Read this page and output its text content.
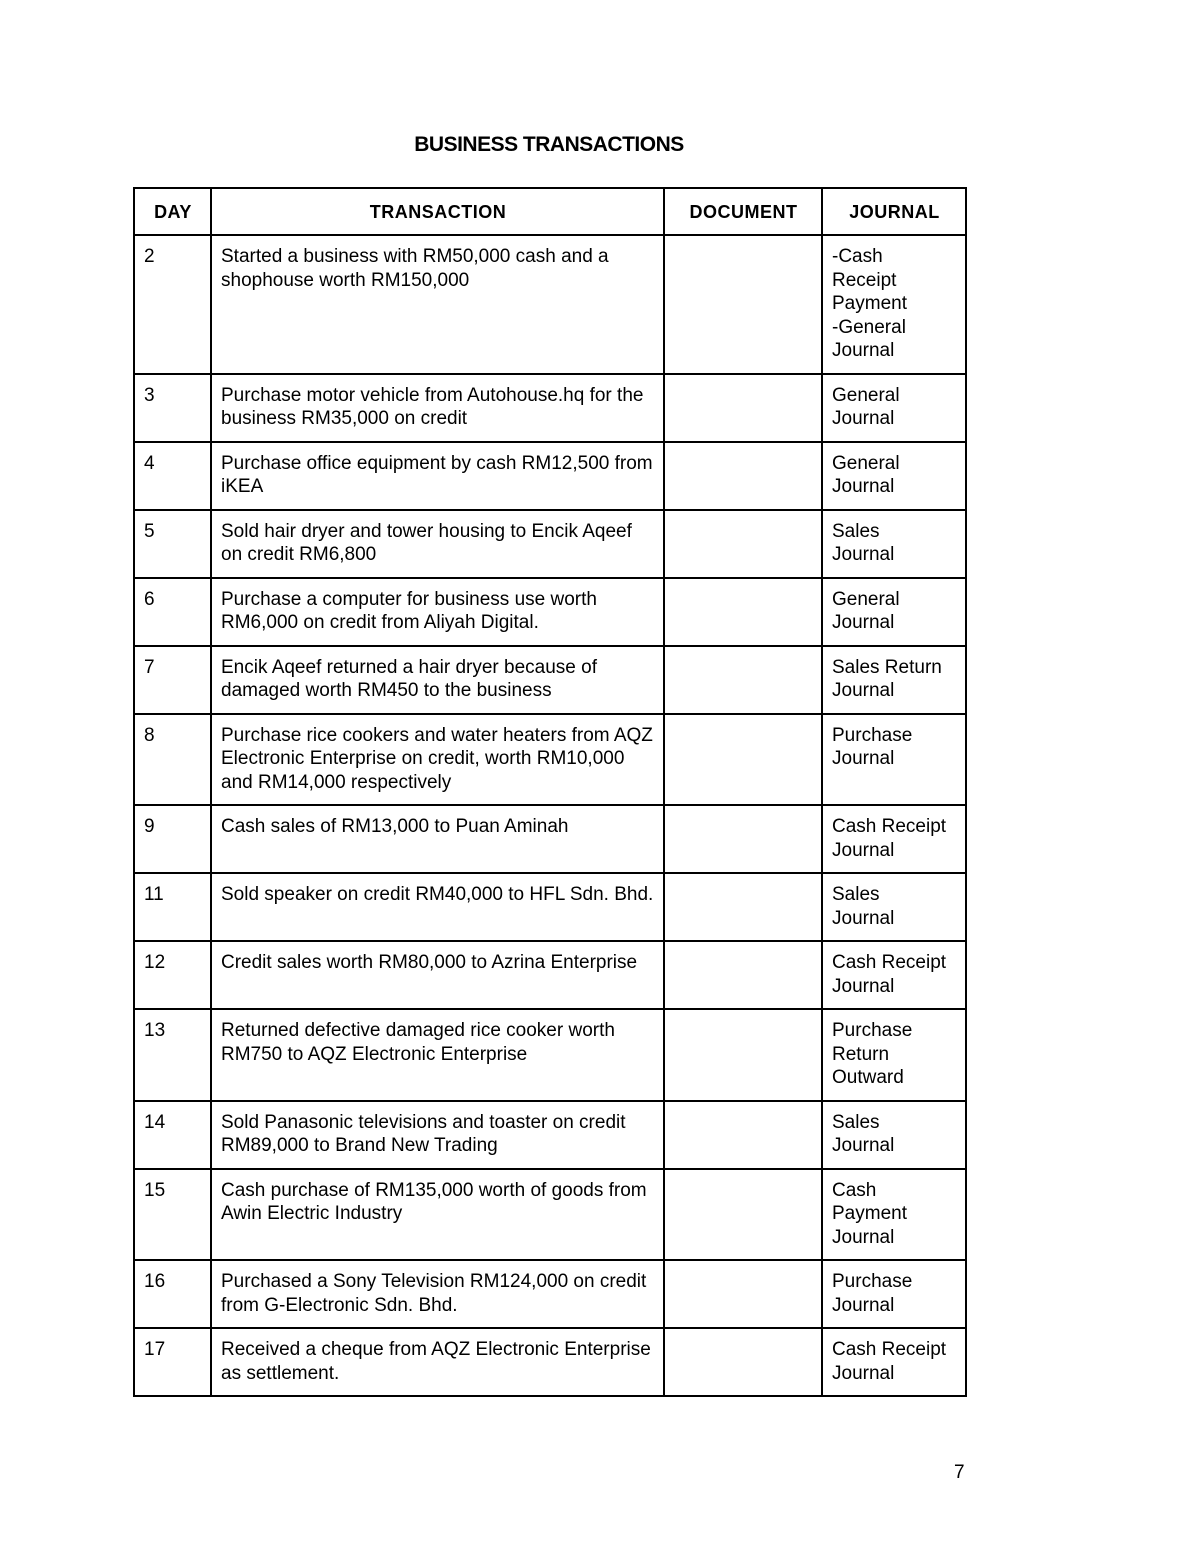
BUSINESS TRANSACTIONS
DAY	TRANSACTION	DOCUMENT	JOURNAL
2	Started a business with RM50,000 cash and a shophouse worth RM150,000		-Cash
Receipt
Payment
-General
Journal
3	Purchase motor vehicle from Autohouse.hq for the business RM35,000 on credit		General
Journal
4	Purchase office equipment by cash RM12,500 from iKEA		General
Journal
5	Sold hair dryer and tower housing to Encik Aqeef on credit RM6,800		Sales
Journal
6	Purchase a computer for business use worth RM6,000 on credit from Aliyah Digital.		General
Journal
7	Encik Aqeef returned a hair dryer because of damaged worth RM450 to the business		Sales Return
Journal
8	Purchase rice cookers and water heaters from AQZ Electronic Enterprise on credit, worth RM10,000 and RM14,000 respectively		Purchase
Journal
9	Cash sales of RM13,000 to Puan Aminah		Cash Receipt
Journal
11	Sold speaker on credit RM40,000 to HFL Sdn. Bhd.		Sales
Journal
12	Credit sales worth RM80,000 to Azrina Enterprise		Cash Receipt
Journal
13	Returned defective damaged rice cooker worth RM750 to AQZ Electronic Enterprise		Purchase
Return
Outward
14	Sold Panasonic televisions and toaster on credit RM89,000 to Brand New Trading		Sales
Journal
15	Cash purchase of RM135,000 worth of goods from Awin Electric Industry		Cash
Payment
Journal
16	Purchased a Sony Television RM124,000 on credit from G-Electronic Sdn. Bhd.		Purchase
Journal
17	Received a cheque from AQZ Electronic Enterprise as settlement.		Cash Receipt
Journal
7
